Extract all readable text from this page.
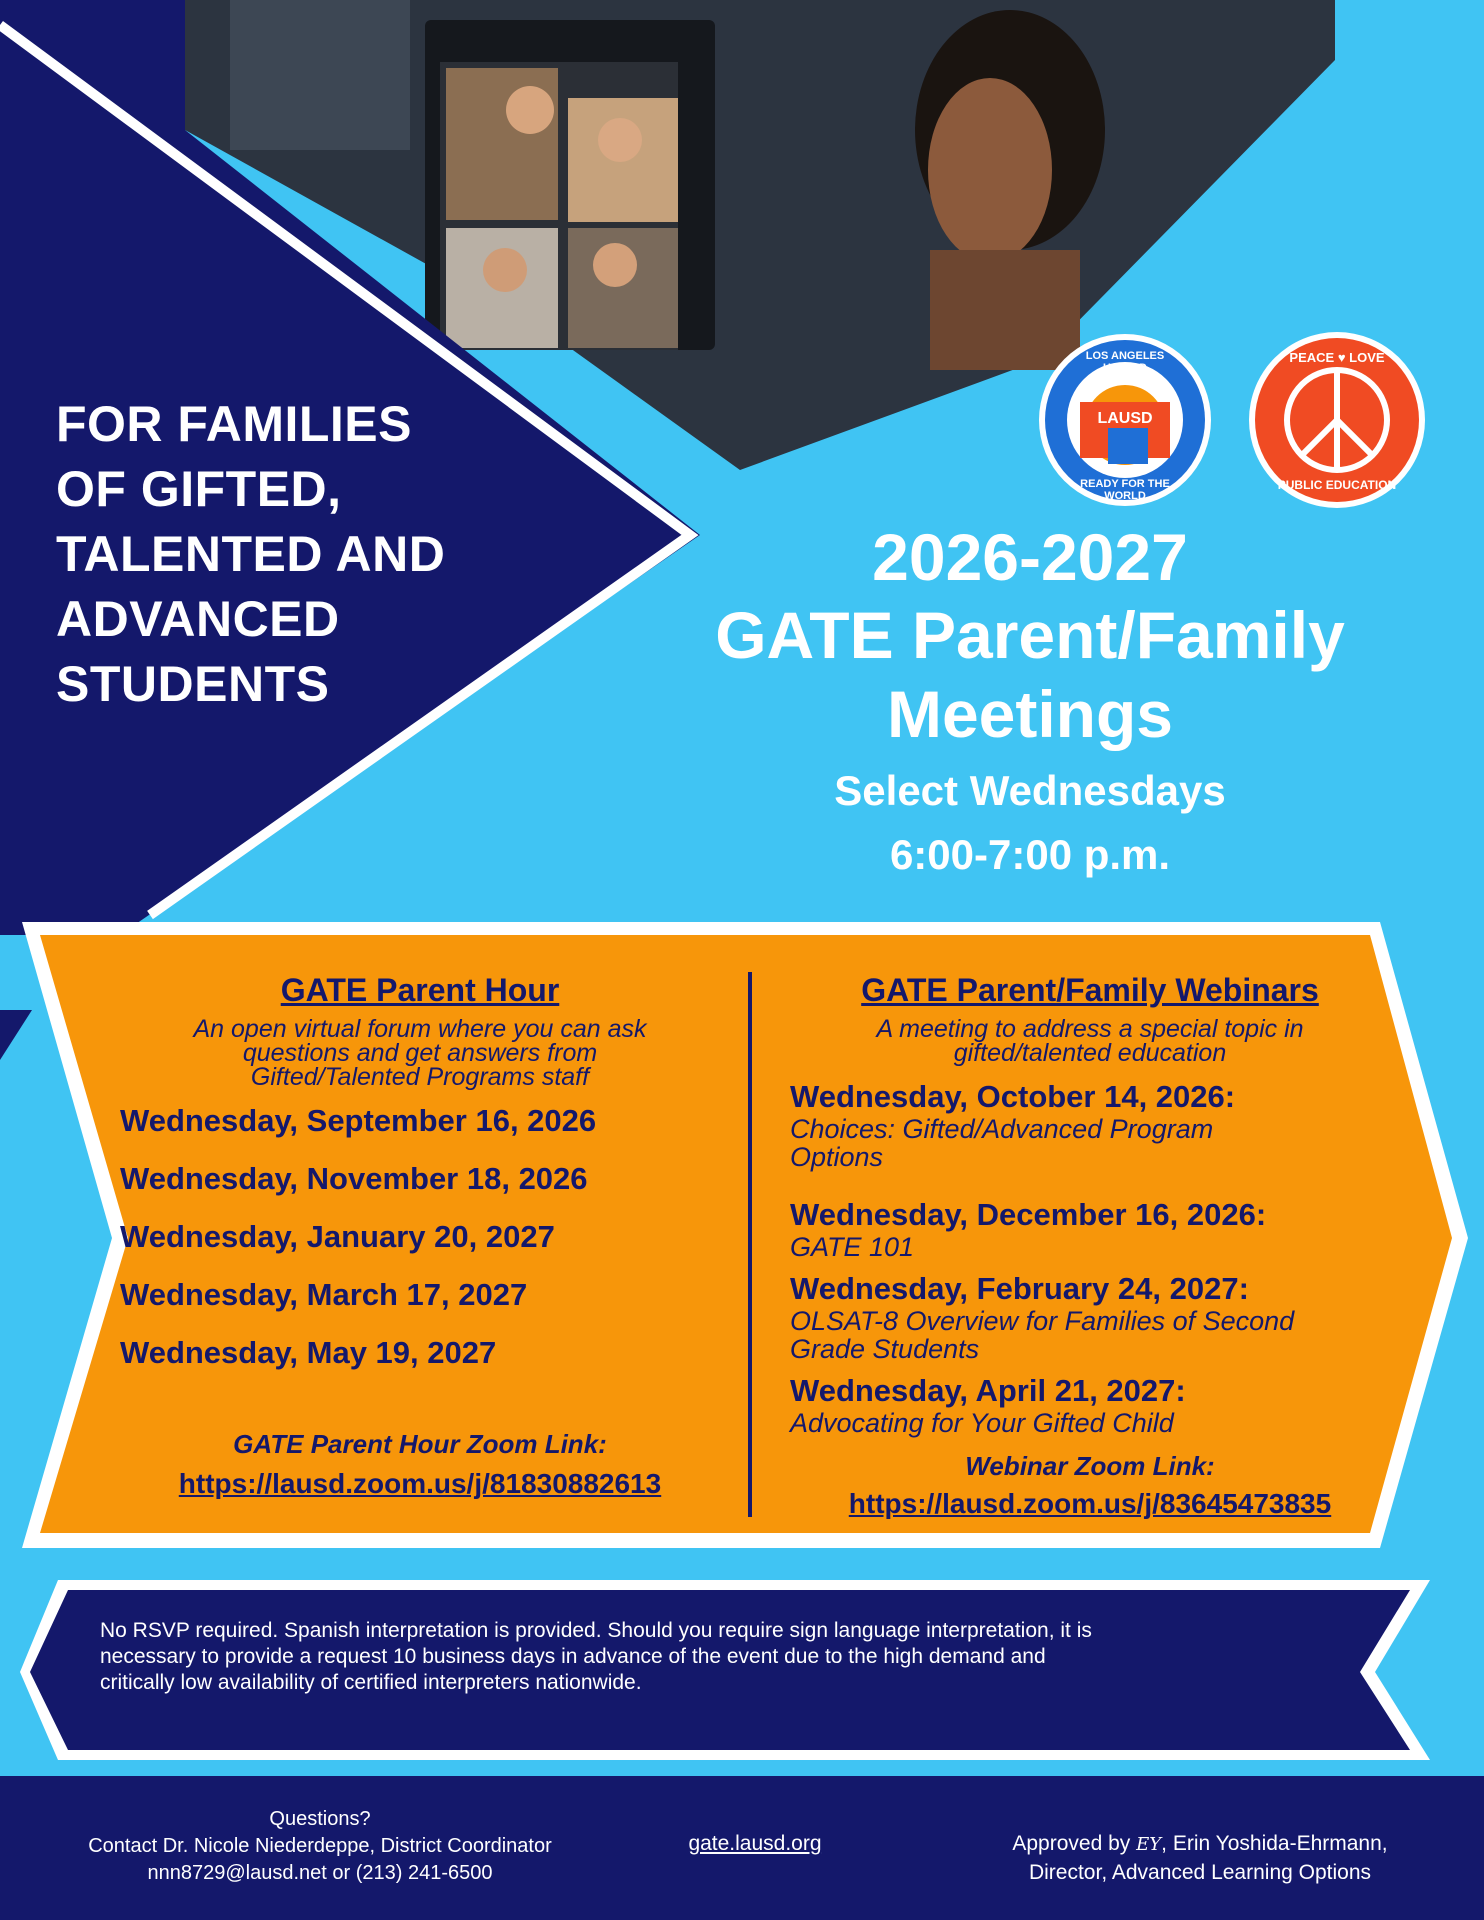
LOS ANGELES UNIFIED
READY FOR THE WORLD
LAUSD
PEACE ♥ LOVE
PUBLIC EDUCATION
FOR FAMILIES
OF GIFTED,
TALENTED AND
ADVANCED
STUDENTS
2026-2027
GATE Parent/Family
Meetings
Select Wednesdays
6:00-7:00 p.m.
GATE Parent Hour
An open virtual forum where you can ask
questions and get answers from
Gifted/Talented Programs staff
Wednesday, September 16, 2026
Wednesday, November 18, 2026
Wednesday, January 20, 2027
Wednesday, March 17, 2027
Wednesday, May 19, 2027
GATE Parent Hour Zoom Link:
https://lausd.zoom.us/j/81830882613
GATE Parent/Family Webinars
A meeting to address a special topic in
gifted/talented education
Wednesday, October 14, 2026:
Choices: Gifted/Advanced Program
Options
Wednesday, December 16, 2026:
GATE 101
Wednesday, February 24, 2027:
OLSAT-8 Overview for Families of Second
Grade Students
Wednesday, April 21, 2027:
Advocating for Your Gifted Child
Webinar Zoom Link:
https://lausd.zoom.us/j/83645473835
No RSVP required. Spanish interpretation is provided. Should you require sign language interpretation, it is
necessary to provide a request 10 business days in advance of the event due to the high demand and
critically low availability of certified interpreters nationwide.
Questions?
Contact Dr. Nicole Niederdeppe, District Coordinator
nnn8729@lausd.net or (213) 241-6500
gate.lausd.org	Approved by EY, Erin Yoshida-Ehrmann,
Director, Advanced Learning Options
